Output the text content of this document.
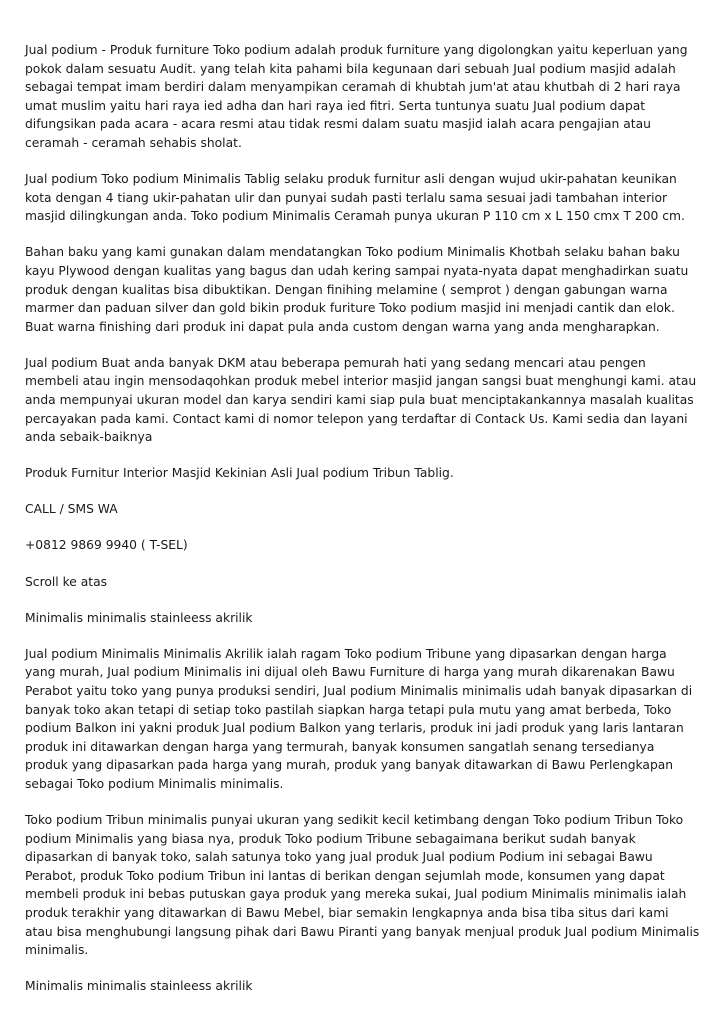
Jual podium - Produk furniture Toko podium adalah produk furniture yang digolongkan yaitu keperluan yang pokok dalam sesuatu Audit. yang telah kita pahami bila kegunaan dari sebuah Jual podium masjid adalah sebagai tempat imam berdiri dalam menyampikan ceramah di khubtah jum'at atau khutbah di 2 hari raya umat muslim yaitu hari raya ied adha dan hari raya ied fitri. Serta tuntunya suatu Jual podium dapat difungsikan pada acara - acara resmi atau tidak resmi dalam suatu masjid ialah acara pengajian atau ceramah - ceramah sehabis sholat.

Jual podium Toko podium Minimalis Tablig selaku produk furnitur asli dengan wujud ukir-pahatan keunikan kota dengan 4 tiang ukir-pahatan ulir dan punyai sudah pasti terlalu sama sesuai jadi tambahan interior masjid dilingkungan anda. Toko podium Minimalis Ceramah punya ukuran P 110 cm x L 150 cmx T 200 cm.

Bahan baku yang kami gunakan dalam mendatangkan Toko podium Minimalis Khotbah selaku bahan baku kayu Plywood dengan kualitas yang bagus dan udah kering sampai nyata-nyata dapat menghadirkan suatu produk dengan kualitas bisa dibuktikan. Dengan finihing melamine ( semprot ) dengan gabungan warna marmer dan paduan silver dan gold bikin produk furiture Toko podium masjid ini menjadi cantik dan elok. Buat warna finishing dari produk ini dapat pula anda custom dengan warna yang anda mengharapkan.

Jual podium Buat anda banyak DKM atau beberapa pemurah hati yang sedang mencari atau pengen membeli atau ingin mensodaqohkan produk mebel interior masjid jangan sangsi buat menghungi kami. atau anda mempunyai ukuran model dan karya sendiri kami siap pula buat menciptakankannya masalah kualitas percayakan pada kami. Contact kami di nomor telepon yang terdaftar di Contack Us. Kami sedia dan layani anda sebaik-baiknya

Produk Furnitur Interior Masjid Kekinian Asli Jual podium Tribun Tablig.

CALL / SMS WA

+0812 9869 9940 ( T-SEL)

Scroll ke atas

Minimalis minimalis stainleess akrilik

Jual podium Minimalis Minimalis Akrilik ialah ragam Toko podium Tribune yang dipasarkan dengan harga yang murah, Jual podium Minimalis ini dijual oleh Bawu Furniture di harga yang murah dikarenakan Bawu Perabot yaitu toko yang punya produksi sendiri, Jual podium Minimalis minimalis udah banyak dipasarkan di banyak toko akan tetapi di setiap toko pastilah siapkan harga tetapi pula mutu yang amat berbeda, Toko podium Balkon ini yakni produk Jual podium Balkon yang terlaris, produk ini jadi produk yang laris lantaran produk ini ditawarkan dengan harga yang termurah, banyak konsumen sangatlah senang tersedianya produk yang dipasarkan pada harga yang murah, produk yang banyak ditawarkan di Bawu Perlengkapan sebagai Toko podium Minimalis minimalis.

Toko podium Tribun minimalis punyai ukuran yang sedikit kecil ketimbang dengan Toko podium Tribun Toko podium Minimalis yang biasa nya, produk Toko podium Tribune sebagaimana berikut sudah banyak dipasarkan di banyak toko, salah satunya toko yang jual produk Jual podium Podium ini sebagai Bawu Perabot, produk Toko podium Tribun ini lantas di berikan dengan sejumlah mode, konsumen yang dapat membeli produk ini bebas putuskan gaya produk yang mereka sukai, Jual podium Minimalis minimalis ialah produk terakhir yang ditawarkan di Bawu Mebel, biar semakin lengkapnya anda bisa tiba situs dari kami atau bisa menghubungi langsung pihak dari Bawu Piranti yang banyak menjual produk Jual podium Minimalis minimalis.

Minimalis minimalis stainleess akrilik
